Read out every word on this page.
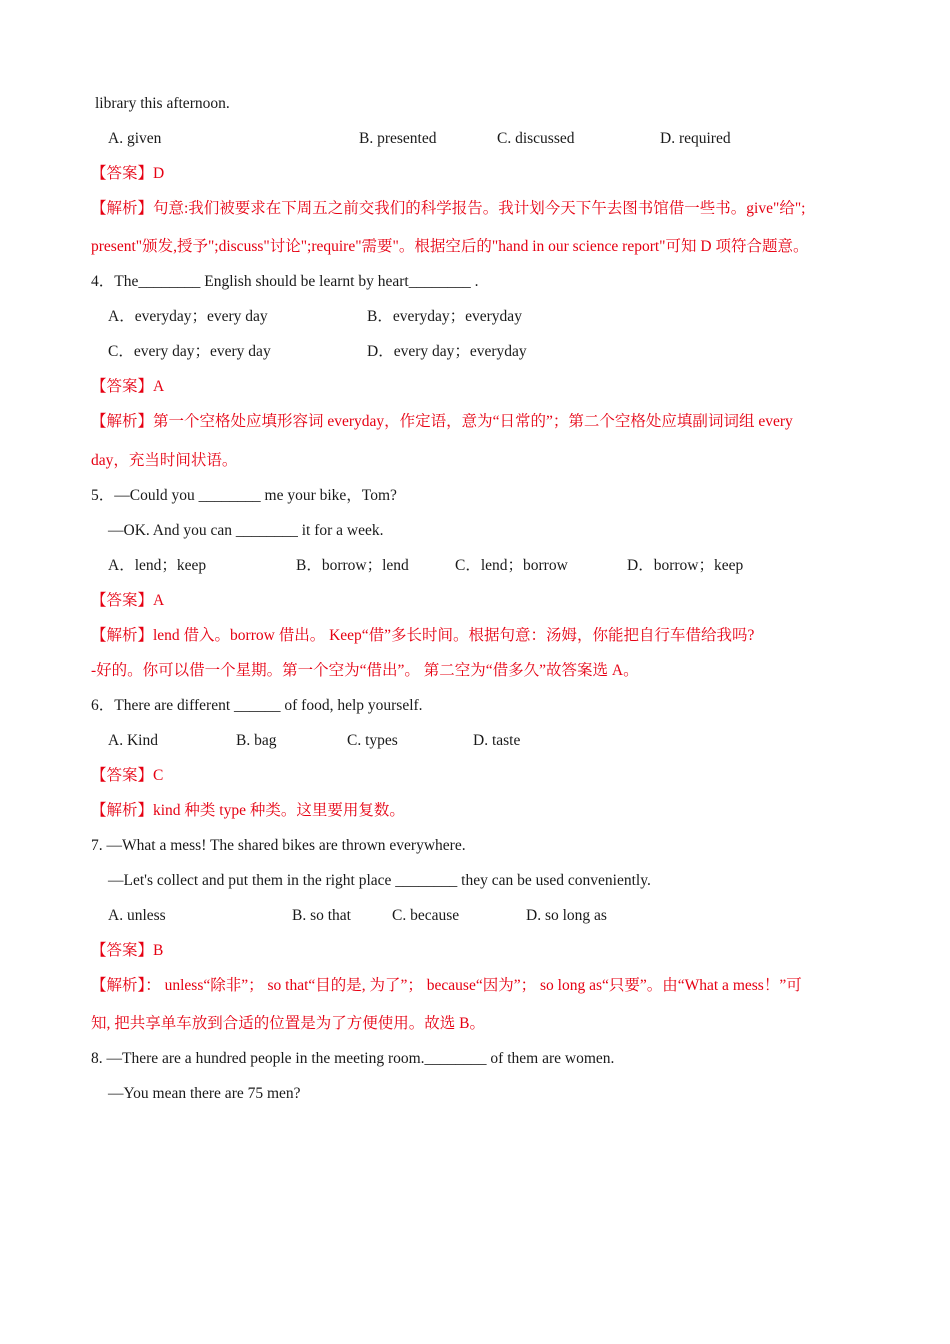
library this afternoon.
A. given	B. presented	C. discussed	D. required
【答案】D
【解析】句意:我们被要求在下周五之前交我们的科学报告。我计划今天下午去图书馆借一些书。give"给";
present"颁发,授予";discuss"讨论";require"需要"。根据空后的"hand in our science report"可知 D 项符合题意。
4．The________ English should be learnt by heart________ .
A．everyday；every day	B．everyday；everyday
C．every day；every day	D．every day；everyday
【答案】A
【解析】第一个空格处应填形容词 everyday，作定语，意为“日常的”；第二个空格处应填副词词组 every
day，充当时间状语。
5．—Could you ________ me your bike，Tom?
—OK. And you can ________ it for a week.
A．lend；keep	B．borrow；lend	C．lend；borrow	D．borrow；keep
【答案】A
【解析】lend 借入。borrow 借出。 Keep“借”多长时间。根据句意：汤姆，你能把自行车借给我吗?
-好的。你可以借一个星期。第一个空为“借出”。 第二空为“借多久”故答案选 A。
6．There are different ______ of food, help yourself.
A. Kind	B. bag	C. types	D. taste
【答案】C
【解析】kind 种类 type 种类。这里要用复数。
7. —What a mess! The shared bikes are thrown everywhere.
—Let's collect and put them in the right place ________ they can be used conveniently.
A. unless	B. so that	C. because	D. so long as
【答案】B
【解析】： unless“除非”； so that“目的是, 为了”； because“因为”； so long as“只要”。由“What a mess！”可
知, 把共享单车放到合适的位置是为了方便使用。故选 B。
8. —There are a hundred people in the meeting room.________ of them are women.
—You mean there are 75 men?
